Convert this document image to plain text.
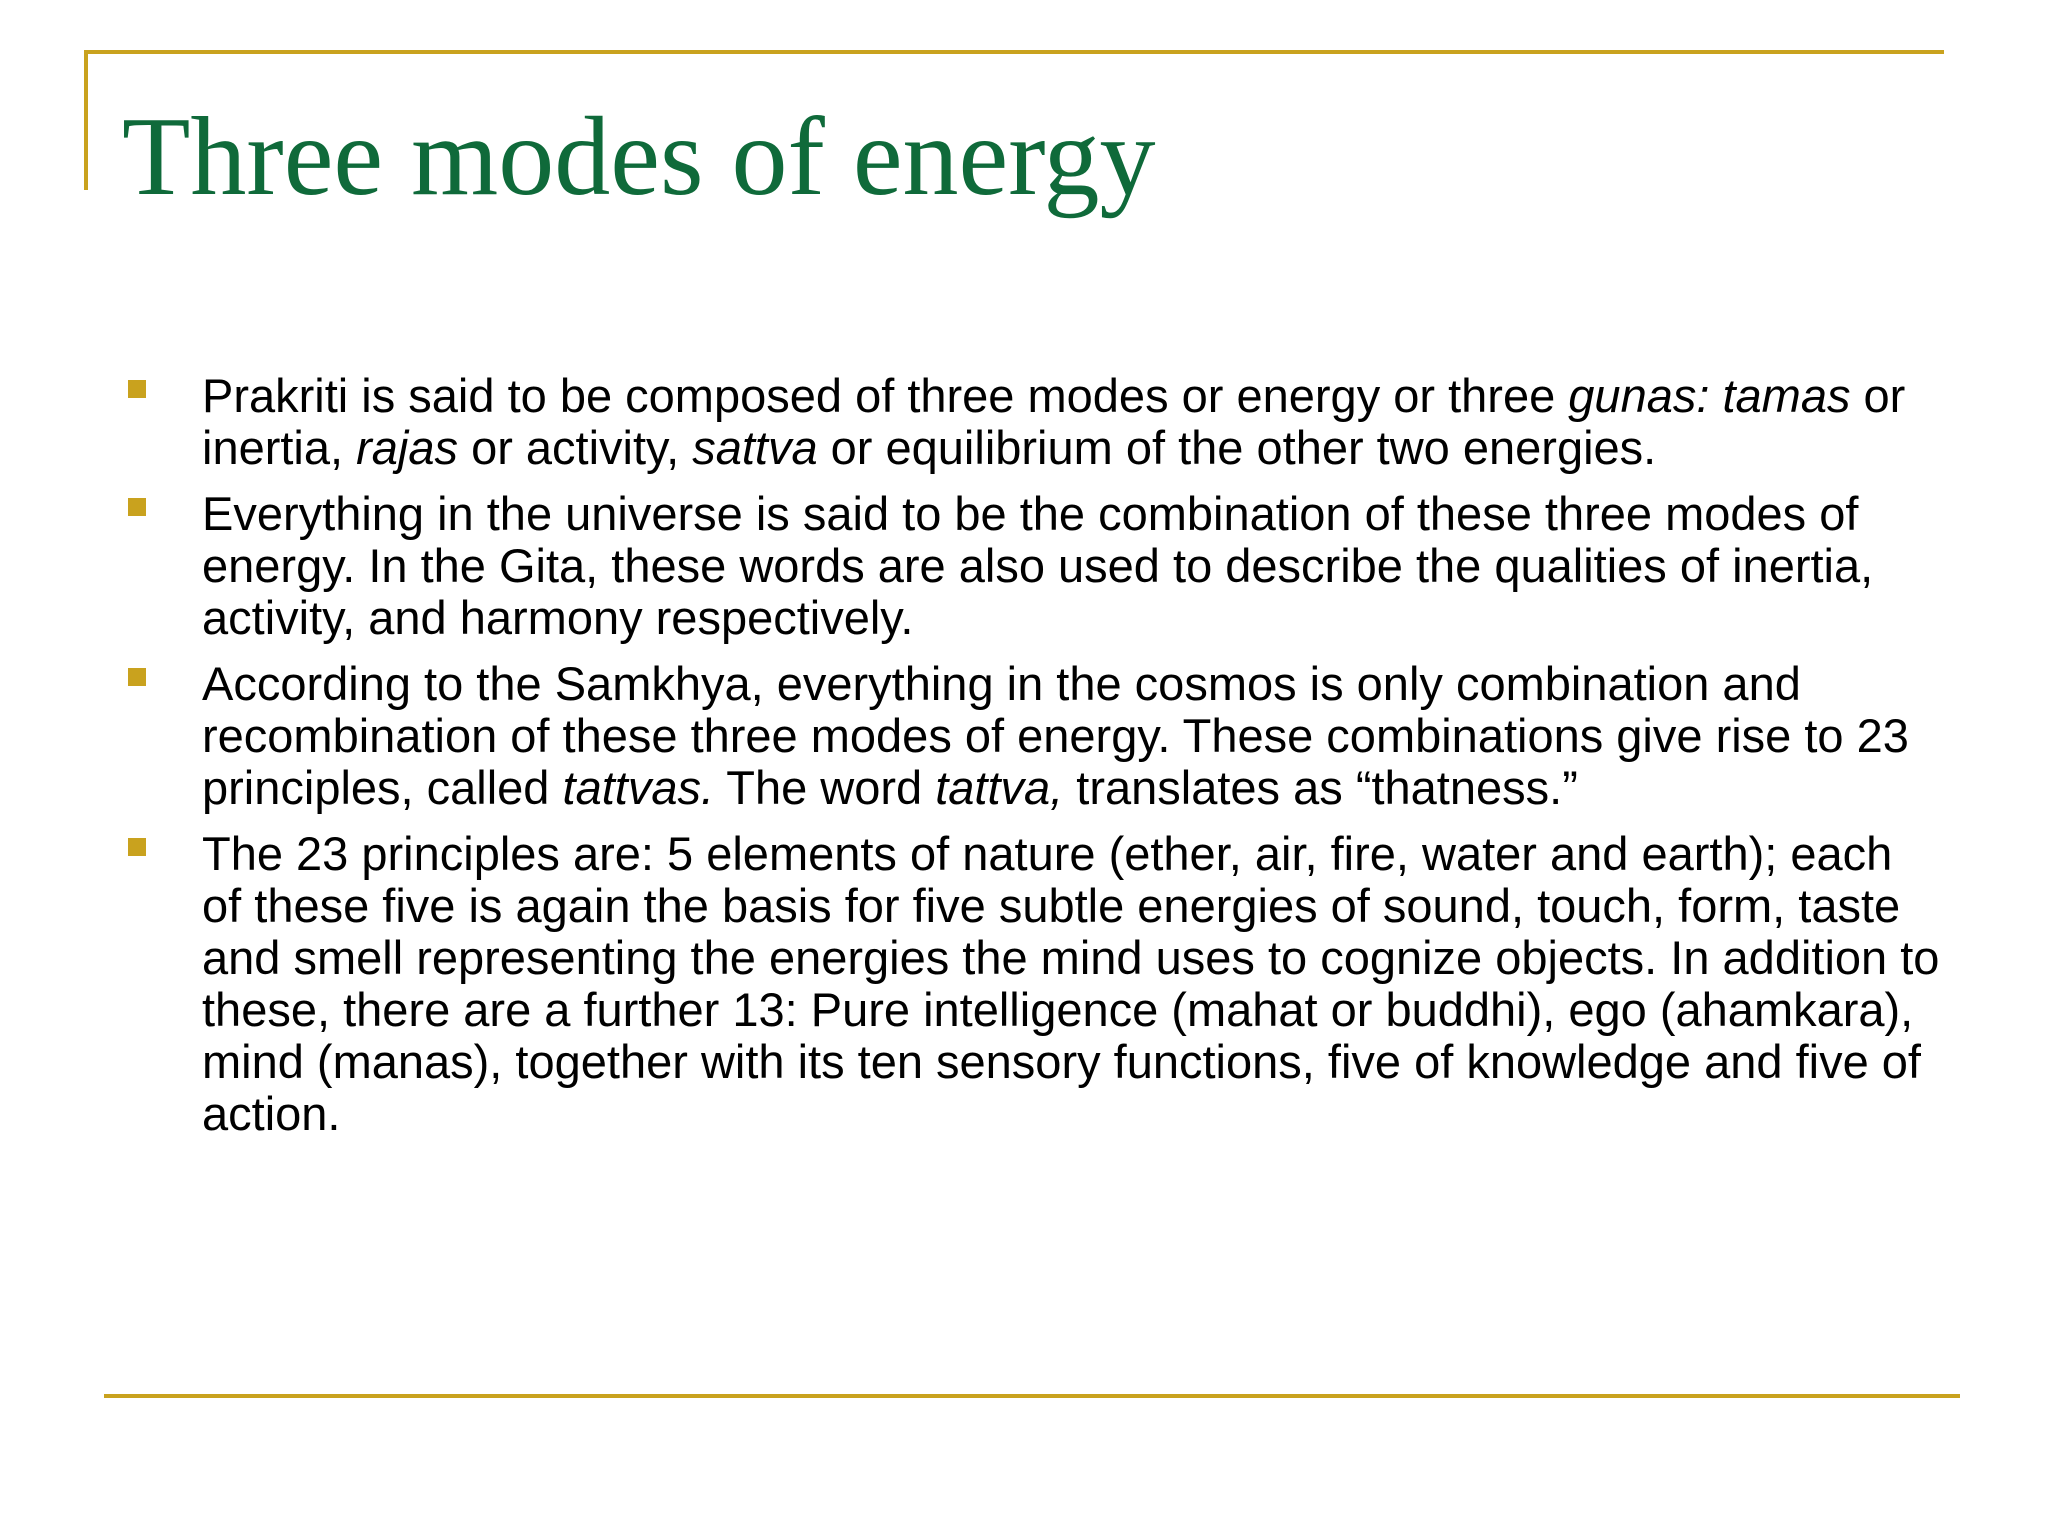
Three modes of energy
Prakriti is said to be composed of three modes or energy or three gunas: tamas or inertia, rajas or activity, sattva or equilibrium of the other two energies.
Everything in the universe is said to be the combination of these three modes of energy. In the Gita, these words are also used to describe the qualities of inertia, activity, and harmony respectively.
According to the Samkhya, everything in the cosmos is only combination and recombination of these three modes of energy. These combinations give rise to 23 principles, called tattvas. The word tattva, translates as “thatness.”
The 23 principles are: 5 elements of nature (ether, air, fire, water and earth); each of these five is again the basis for five subtle energies of sound, touch, form, taste and smell representing the energies the mind uses to cognize objects. In addition to these, there are a further 13: Pure intelligence (mahat or buddhi), ego (ahamkara), mind (manas), together with its ten sensory functions, five of knowledge and five of action.
